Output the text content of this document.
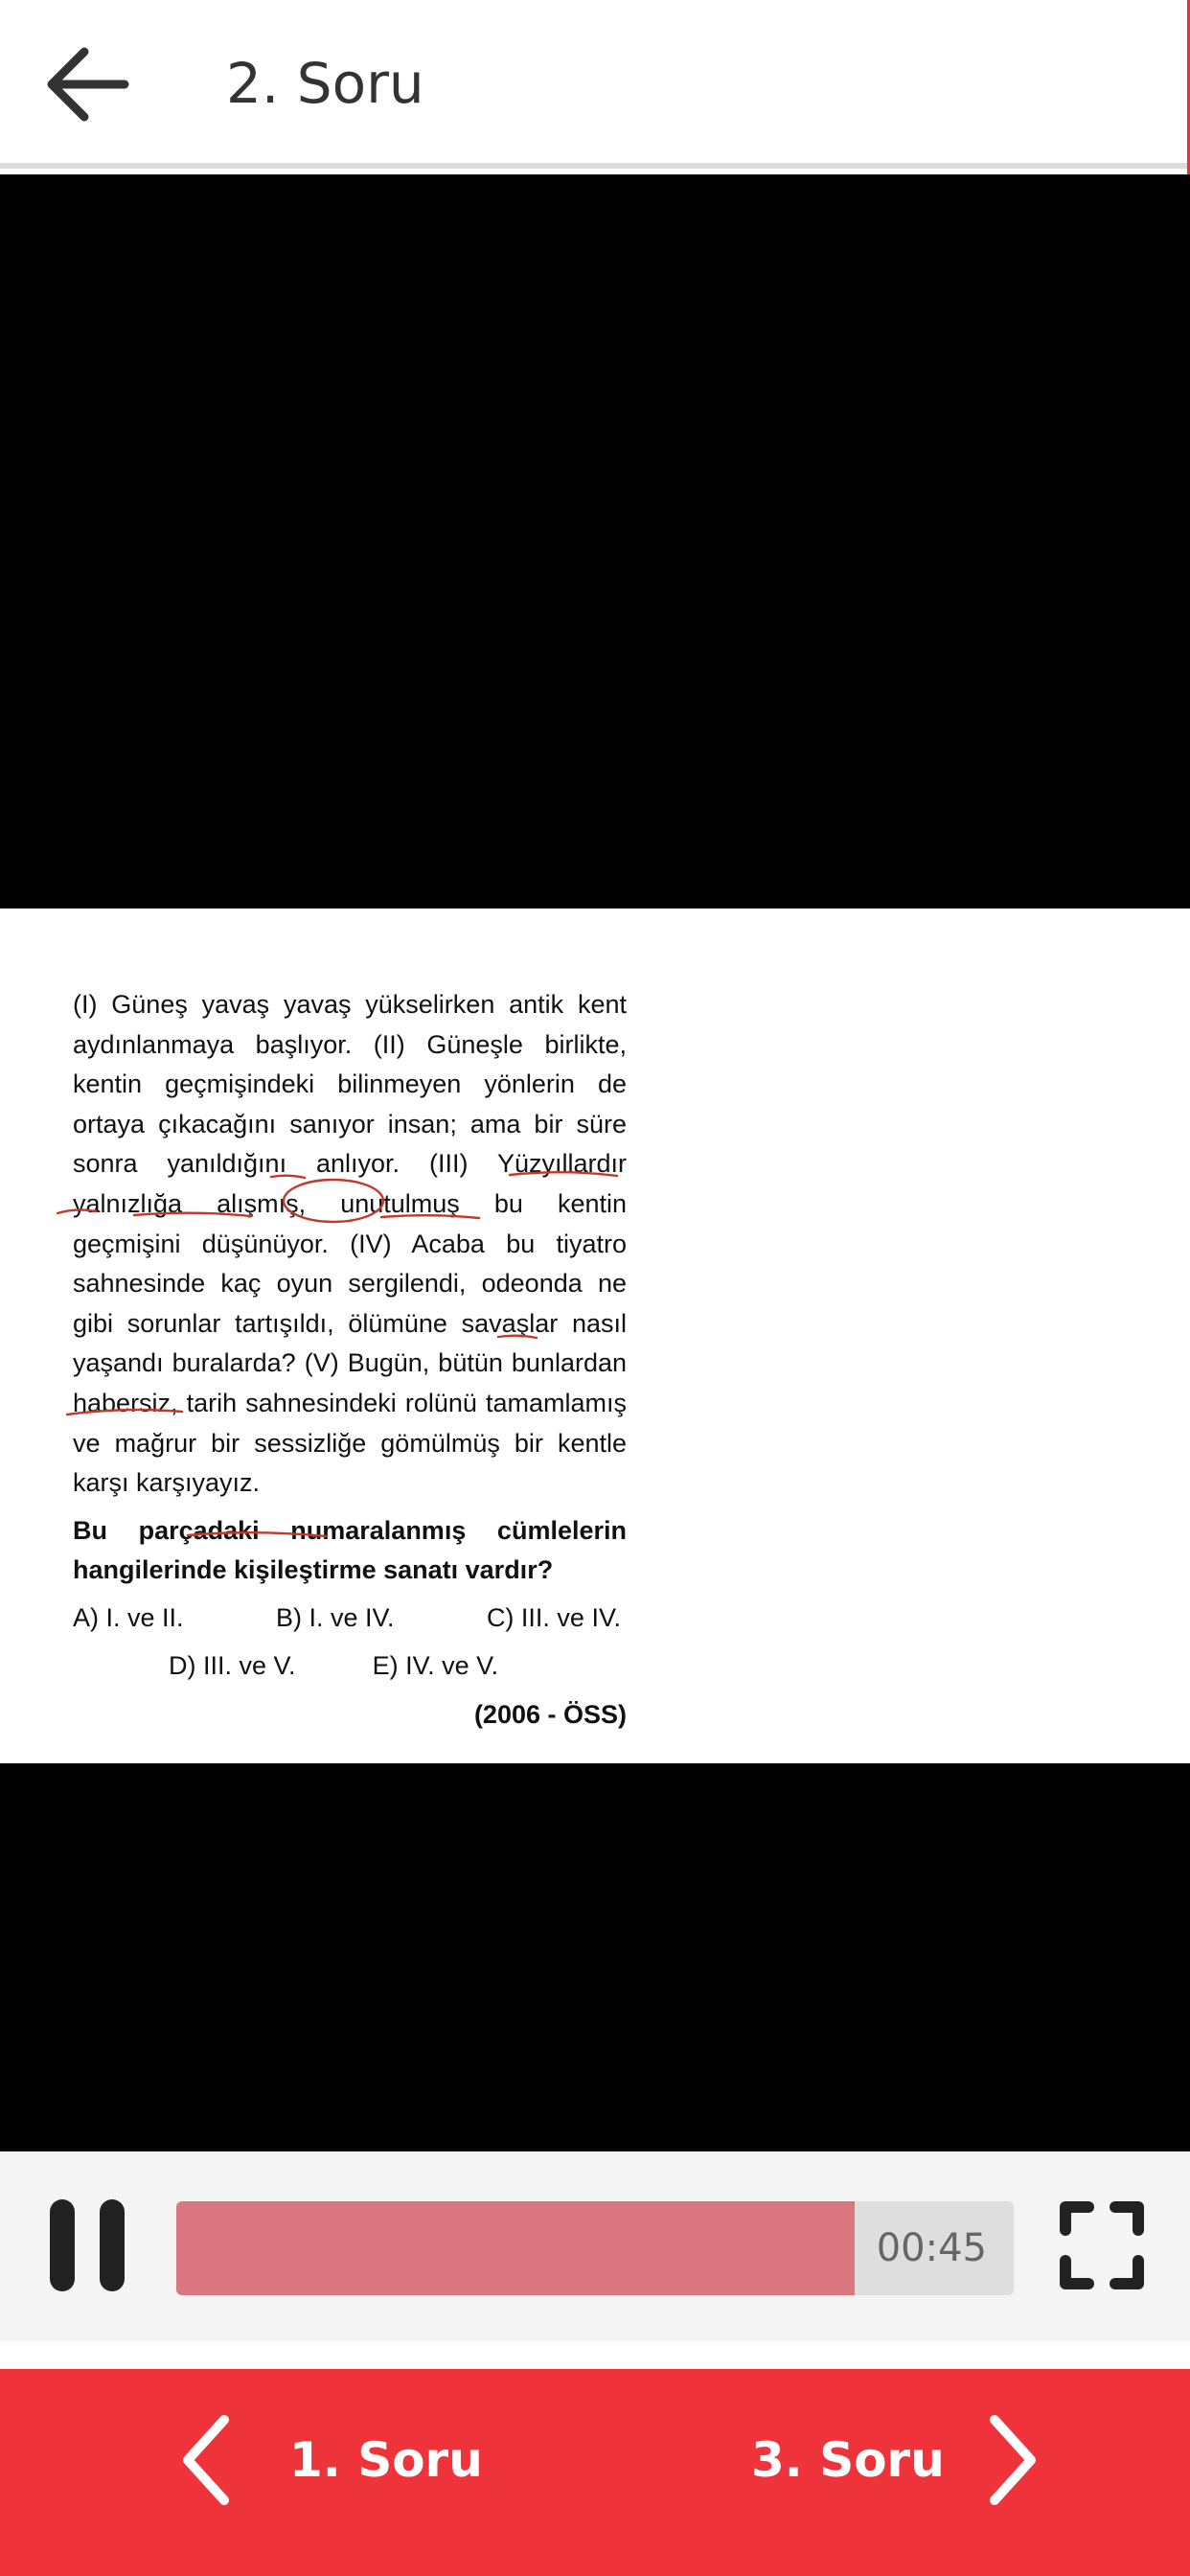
2. Soru

(I) Güneş yavaş yavaş yükselirken antik kent aydınlanmaya başlıyor. (II) Güneşle birlikte, kentin geçmişindeki bilinmeyen yönlerin de ortaya çıkacağını sanıyor insan; ama bir süre sonra yanıldığını anlıyor. (III) Yüzyıllardır yalnızlığa alışmış, unutulmuş bu kentin geçmişini düşünüyor. (IV) Acaba bu tiyatro sahnesinde kaç oyun sergilendi, odeonda ne gibi sorunlar tartışıldı, ölümüne savaşlar nasıl yaşandı buralarda? (V) Bugün, bütün bunlardan habersiz, tarih sahnesindeki rolünü tamamlamış ve mağrur bir sessizliğe gömülmüş bir kentle karşı karşıyayız.

Bu parçadaki numaralanmış cümlelerin hangilerinde kişileştirme sanatı vardır?
A) I. ve II.	B) I. ve IV.	C) III. ve IV.
D) III. ve V.	E) IV. ve V.
(2006 - ÖSS)
00:45
1. Soru	3. Soru
